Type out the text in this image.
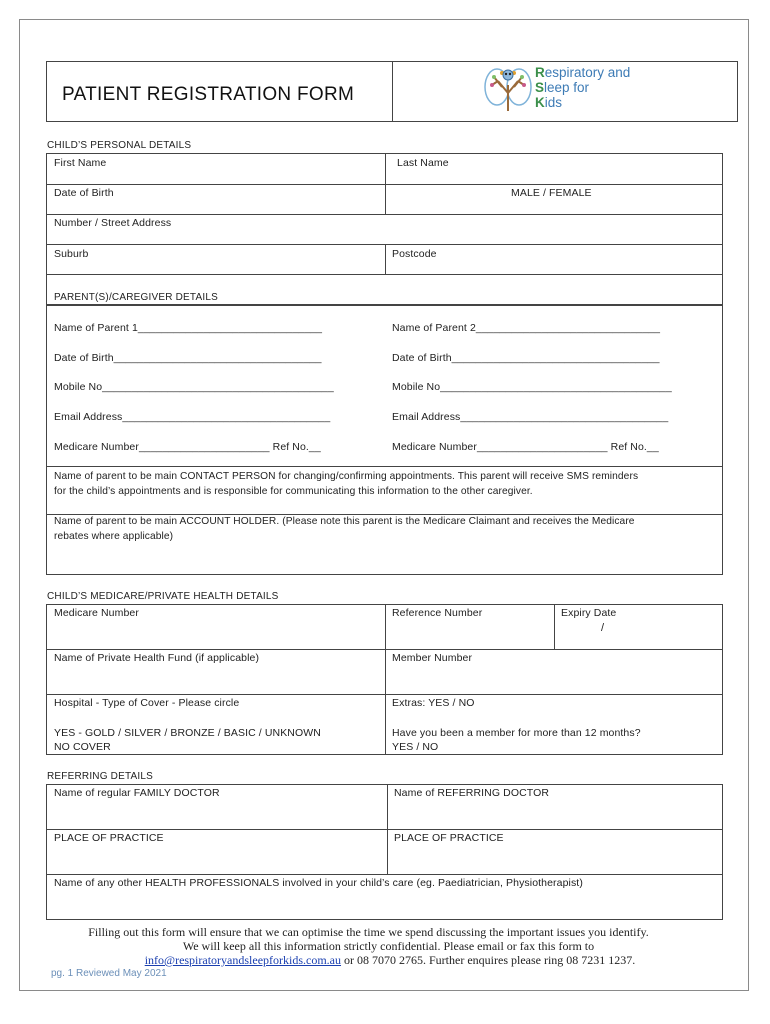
PATIENT REGISTRATION FORM
Respiratory and
Sleep for
Kids
CHILD’S PERSONAL DETAILS
First Name	Last Name
Date of Birth	MALE / FEMALE
Number / Street Address
Suburb	Postcode
PARENT(S)/CAREGIVER DETAILS
Name of Parent 1_______________________________	Name of Parent 2_______________________________
Date of Birth___________________________________	Date of Birth___________________________________
Mobile No_______________________________________	Mobile No_______________________________________
Email Address___________________________________	Email Address___________________________________
Medicare Number______________________ Ref No.__	Medicare Number______________________ Ref No.__
Name of parent to be main CONTACT PERSON for changing/confirming appointments. This parent will receive SMS reminders
for the child’s appointments and is responsible for communicating this information to the other caregiver.
Name of parent to be main ACCOUNT HOLDER. (Please note this parent is the Medicare Claimant and receives the Medicare
rebates where applicable)
CHILD’S MEDICARE/PRIVATE HEALTH DETAILS
Medicare Number	Reference Number	Expiry Date
/
Name of Private Health Fund (if applicable)	Member Number
Hospital - Type of Cover - Please circle
YES - GOLD / SILVER / BRONZE / BASIC / UNKNOWN
NO COVER
Extras: YES / NO
Have you been a member for more than 12 months?
YES / NO
REFERRING DETAILS
Name of regular FAMILY DOCTOR	Name of REFERRING DOCTOR
PLACE OF PRACTICE	PLACE OF PRACTICE
Name of any other HEALTH PROFESSIONALS involved in your child’s care (eg. Paediatrician, Physiotherapist)
Filling out this form will ensure that we can optimise the time we spend discussing the important issues you identify.
We will keep all this information strictly confidential. Please email or fax this form to
info@respiratoryandsleepforkids.com.au or 08 7070 2765. Further enquires please ring 08 7231 1237.
pg. 1 Reviewed May 2021
